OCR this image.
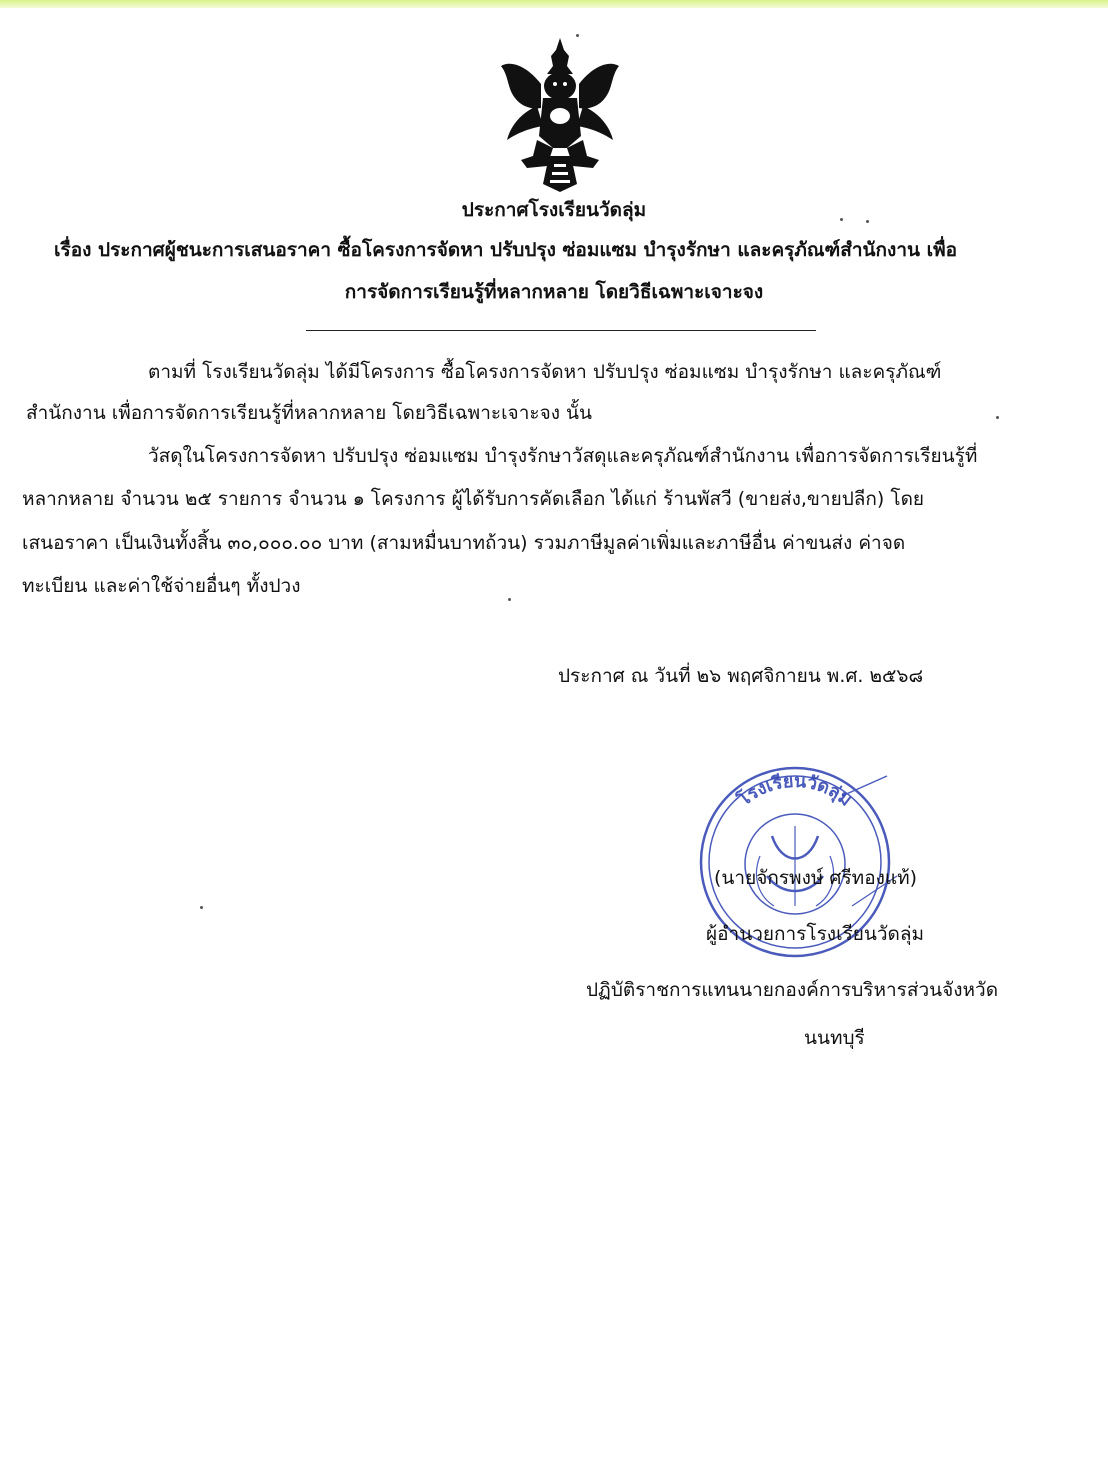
ประกาศโรงเรียนวัดลุ่ม
เรื่อง ประกาศผู้ชนะการเสนอราคา ซื้อโครงการจัดหา ปรับปรุง ซ่อมแซม บำรุงรักษา และครุภัณฑ์สำนักงาน เพื่อ
การจัดการเรียนรู้ที่หลากหลาย โดยวิธีเฉพาะเจาะจง
ตามที่ โรงเรียนวัดลุ่ม ได้มีโครงการ ซื้อโครงการจัดหา ปรับปรุง ซ่อมแซม บำรุงรักษา และครุภัณฑ์
สำนักงาน เพื่อการจัดการเรียนรู้ที่หลากหลาย โดยวิธีเฉพาะเจาะจง นั้น
วัสดุในโครงการจัดหา ปรับปรุง ซ่อมแซม บำรุงรักษาวัสดุและครุภัณฑ์สำนักงาน เพื่อการจัดการเรียนรู้ที่
หลากหลาย จำนวน ๒๕ รายการ จำนวน ๑ โครงการ ผู้ได้รับการคัดเลือก ได้แก่ ร้านพัสวี (ขายส่ง,ขายปลีก) โดย
เสนอราคา เป็นเงินทั้งสิ้น ๓๐,๐๐๐.๐๐ บาท (สามหมื่นบาทถ้วน) รวมภาษีมูลค่าเพิ่มและภาษีอื่น ค่าขนส่ง ค่าจด
ทะเบียน และค่าใช้จ่ายอื่นๆ ทั้งปวง
ประกาศ ณ วันที่ ๒๖ พฤศจิกายน พ.ศ. ๒๕๖๘
โรงเรียนวัดลุ่ม
(นายจักรพงษ์ ศรีทองแท้)
ผู้อำนวยการโรงเรียนวัดลุ่ม
ปฏิบัติราชการแทนนายกองค์การบริหารส่วนจังหวัด
นนทบุรี
